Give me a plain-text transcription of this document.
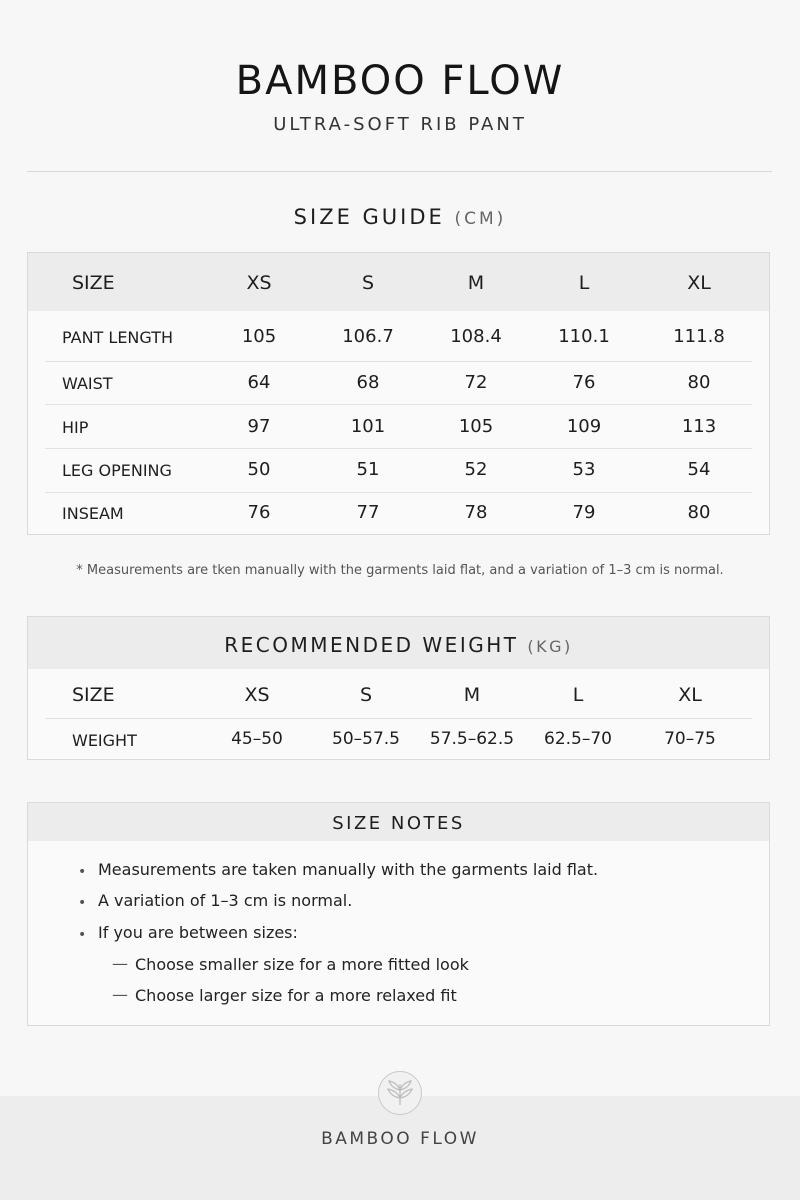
BAMBOO FLOW
ULTRA-SOFT RIB PANT
SIZE GUIDE (CM)
SIZE	XS	S	M	L	XL
PANT LENGTH	105	106.7	108.4	110.1	111.8
WAIST	64	68	72	76	80
HIP	97	101	105	109	113
LEG OPENING	50	51	52	53	54
INSEAM	76	77	78	79	80
* Measurements are tken manually with the garments laid flat, and a variation of 1–3 cm is normal.
RECOMMENDED WEIGHT (KG)
SIZE	XS	S	M	L	XL
WEIGHT	45–50	50–57.5	57.5–62.5	62.5–70	70–75
SIZE NOTES
• Measurements are taken manually with the garments laid flat.
• A variation of 1–3 cm is normal.
• If you are between sizes:
— Choose smaller size for a more fitted look
— Choose larger size for a more relaxed fit
BAMBOO FLOW
